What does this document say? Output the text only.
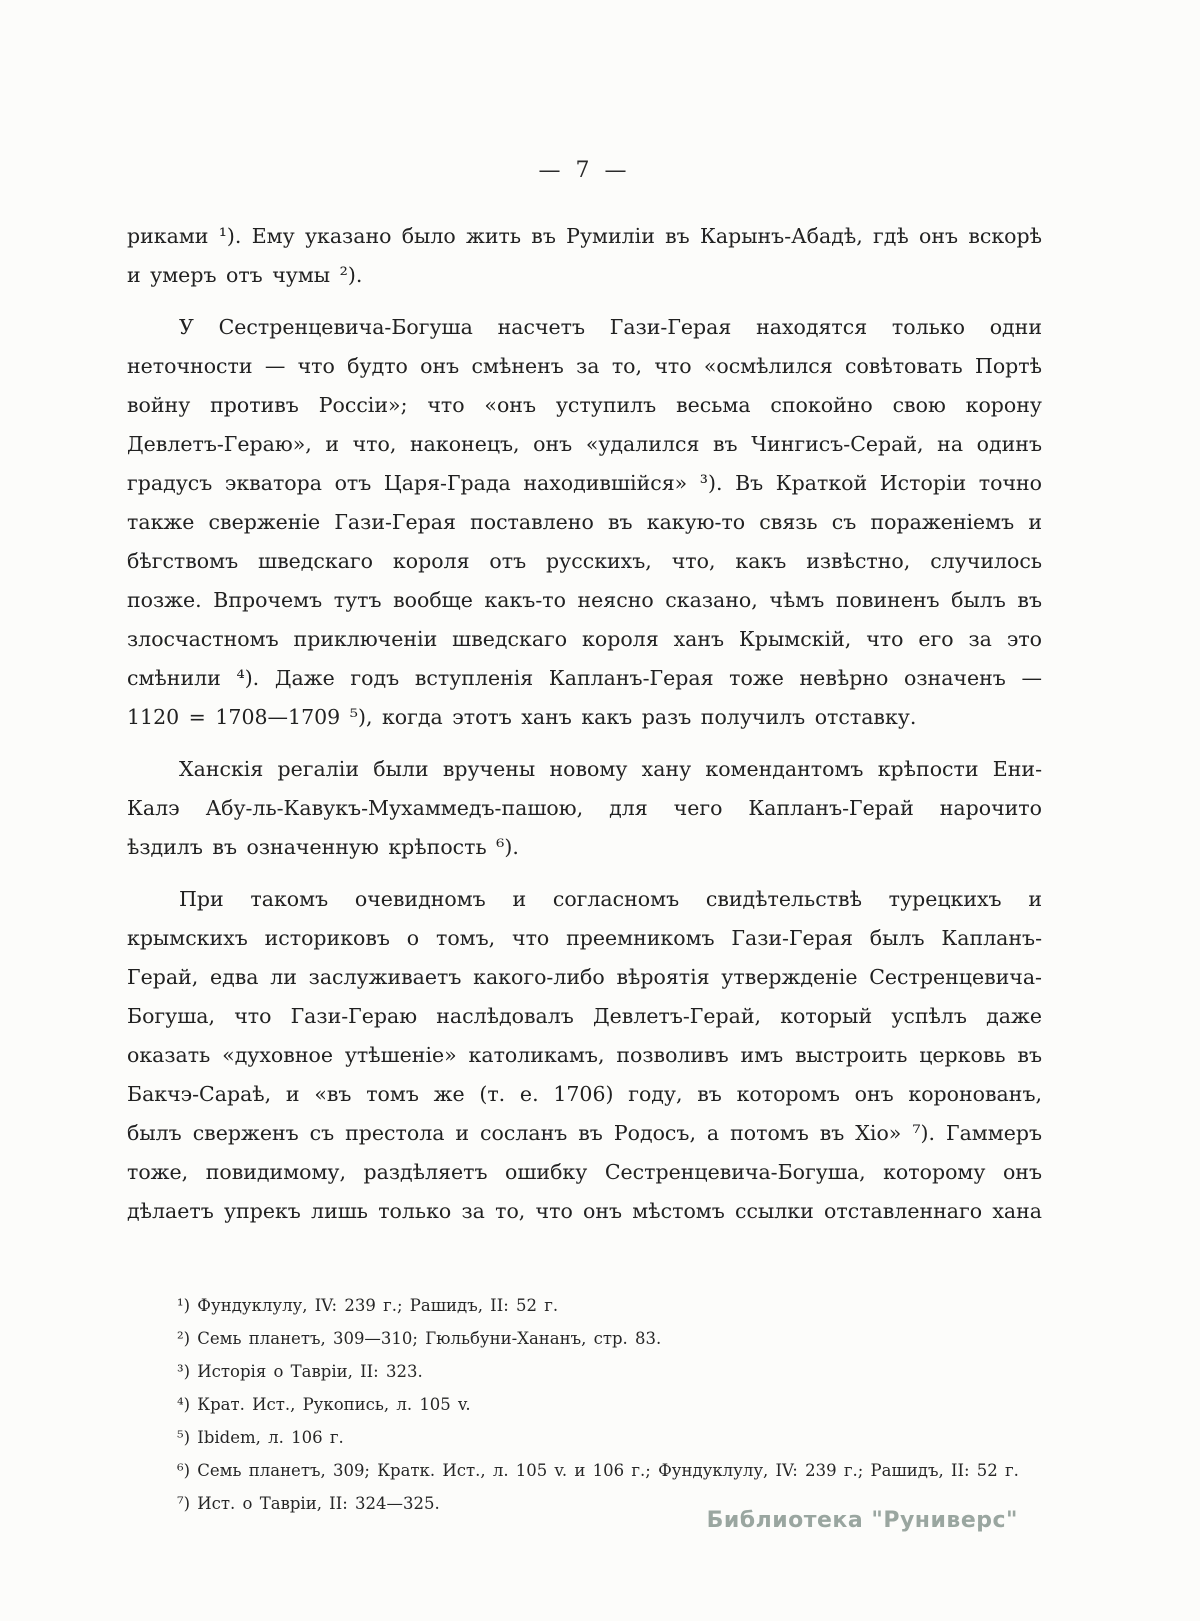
— 7 —

риками ¹). Ему указано было жить въ Румиліи въ Карынъ-Абадѣ, гдѣ онъ вскорѣ и умеръ отъ чумы ²).

У Сестренцевича-Богуша насчетъ Гази-Герая находятся только одни неточности — что будто онъ смѣненъ за то, что «осмѣлился совѣтовать Портѣ войну противъ Россіи»; что «онъ уступилъ весьма спокойно свою корону Девлетъ-Гераю», и что, наконецъ, онъ «удалился въ Чингисъ-Серай, на одинъ градусъ экватора отъ Царя-Града находившійся» ³). Въ Краткой Исторіи точно также сверженіе Гази-Герая поставлено въ какую-то связь съ пораженіемъ и бѣгствомъ шведскаго короля отъ русскихъ, что, какъ извѣстно, случилось позже. Впрочемъ тутъ вообще какъ-то неясно сказано, чѣмъ повиненъ былъ въ злосчастномъ приключеніи шведскаго короля ханъ Крымскій, что его за это смѣнили ⁴). Даже годъ вступленія Капланъ-Герая тоже невѣрно означенъ — 1120 = 1708—1709 ⁵), когда этотъ ханъ какъ разъ получилъ отставку.

Ханскія регаліи были вручены новому хану комендантомъ крѣпости Ени-Калэ Абу-ль-Кавукъ-Мухаммедъ-пашою, для чего Капланъ-Герай нарочито ѣздилъ въ означенную крѣпость ⁶).

При такомъ очевидномъ и согласномъ свидѣтельствѣ турецкихъ и крымскихъ историковъ о томъ, что преемникомъ Гази-Герая былъ Капланъ-Герай, едва ли заслуживаетъ какого-либо вѣроятія утвержденіе Сестренцевича-Богуша, что Гази-Гераю наслѣдовалъ Девлетъ-Герай, который успѣлъ даже оказать «духовное утѣшеніе» католикамъ, позволивъ имъ выстроить церковь въ Бакчэ-Сараѣ, и «въ томъ же (т. е. 1706) году, въ которомъ онъ коронованъ, былъ сверженъ съ престола и сосланъ въ Родосъ, а потомъ въ Хіо» ⁷). Гаммеръ тоже, повидимому, раздѣляетъ ошибку Сестренцевича-Богуша, которому онъ дѣлаетъ упрекъ лишь только за то, что онъ мѣстомъ ссылки отставленнаго хана

¹) Фундуклулу, IV: 239 г.; Рашидъ, II: 52 г.

²) Семь планетъ, 309—310; Гюльбуни-Хананъ, стр. 83.

³) Исторія о Тавріи, II: 323.

⁴) Крат. Ист., Рукопись, л. 105 v.

⁵) Ibidem, л. 106 г.

⁶) Семь планетъ, 309; Кратк. Ист., л. 105 v. и 106 г.; Фундуклулу, IV: 239 г.; Рашидъ, II: 52 г.

⁷) Ист. о Тавріи, II: 324—325.

Библиотека "Руниверс"
